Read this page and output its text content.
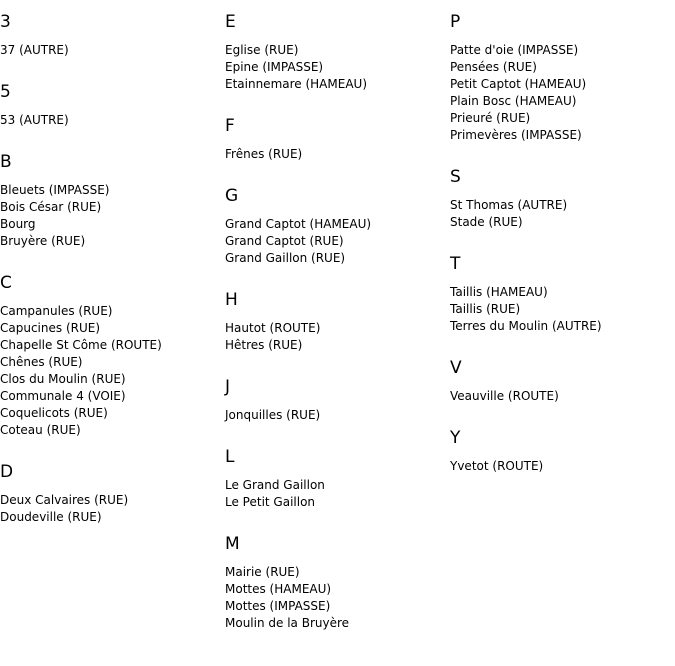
3
37 (AUTRE)
5
53 (AUTRE)
B
Bleuets (IMPASSE)
Bois César (RUE)
Bourg
Bruyère (RUE)
C
Campanules (RUE)
Capucines (RUE)
Chapelle St Côme (ROUTE)
Chênes (RUE)
Clos du Moulin (RUE)
Communale 4 (VOIE)
Coquelicots (RUE)
Coteau (RUE)
D
Deux Calvaires (RUE)
Doudeville (RUE)
E
Eglise (RUE)
Epine (IMPASSE)
Etainnemare (HAMEAU)
F
Frênes (RUE)
G
Grand Captot (HAMEAU)
Grand Captot (RUE)
Grand Gaillon (RUE)
H
Hautot (ROUTE)
Hêtres (RUE)
J
Jonquilles (RUE)
L
Le Grand Gaillon
Le Petit Gaillon
M
Mairie (RUE)
Mottes (HAMEAU)
Mottes (IMPASSE)
Moulin de la Bruyère
P
Patte d'oie (IMPASSE)
Pensées (RUE)
Petit Captot (HAMEAU)
Plain Bosc (HAMEAU)
Prieuré (RUE)
Primevères (IMPASSE)
S
St Thomas (AUTRE)
Stade (RUE)
T
Taillis (HAMEAU)
Taillis (RUE)
Terres du Moulin (AUTRE)
V
Veauville (ROUTE)
Y
Yvetot (ROUTE)
